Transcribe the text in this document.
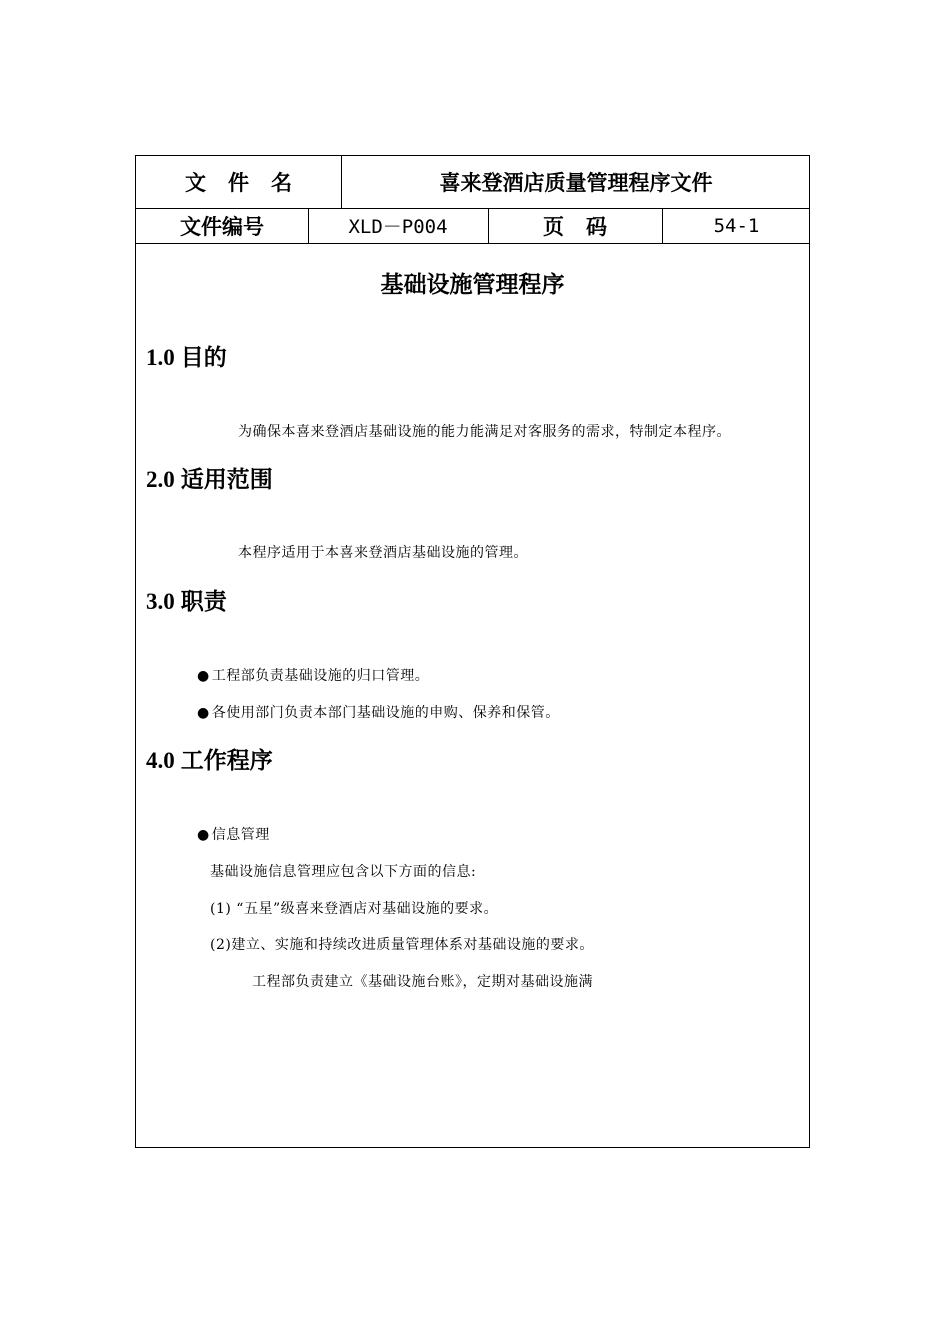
文件名	喜来登酒店质量管理程序文件
文件编号	XLD－P004	页码	54-1
基础设施管理程序
1.0 目的
为确保本喜来登酒店基础设施的能力能满足对客服务的需求，特制定本程序。
2.0 适用范围
本程序适用于本喜来登酒店基础设施的管理。
3.0 职责
● 工程部负责基础设施的归口管理。
● 各使用部门负责本部门基础设施的申购、保养和保管。
4.0 工作程序
● 信息管理
基础设施信息管理应包含以下方面的信息:
(1) “五星”级喜来登酒店对基础设施的要求。
(2)建立、实施和持续改进质量管理体系对基础设施的要求。
工程部负责建立《基础设施台账》，定期对基础设施满
